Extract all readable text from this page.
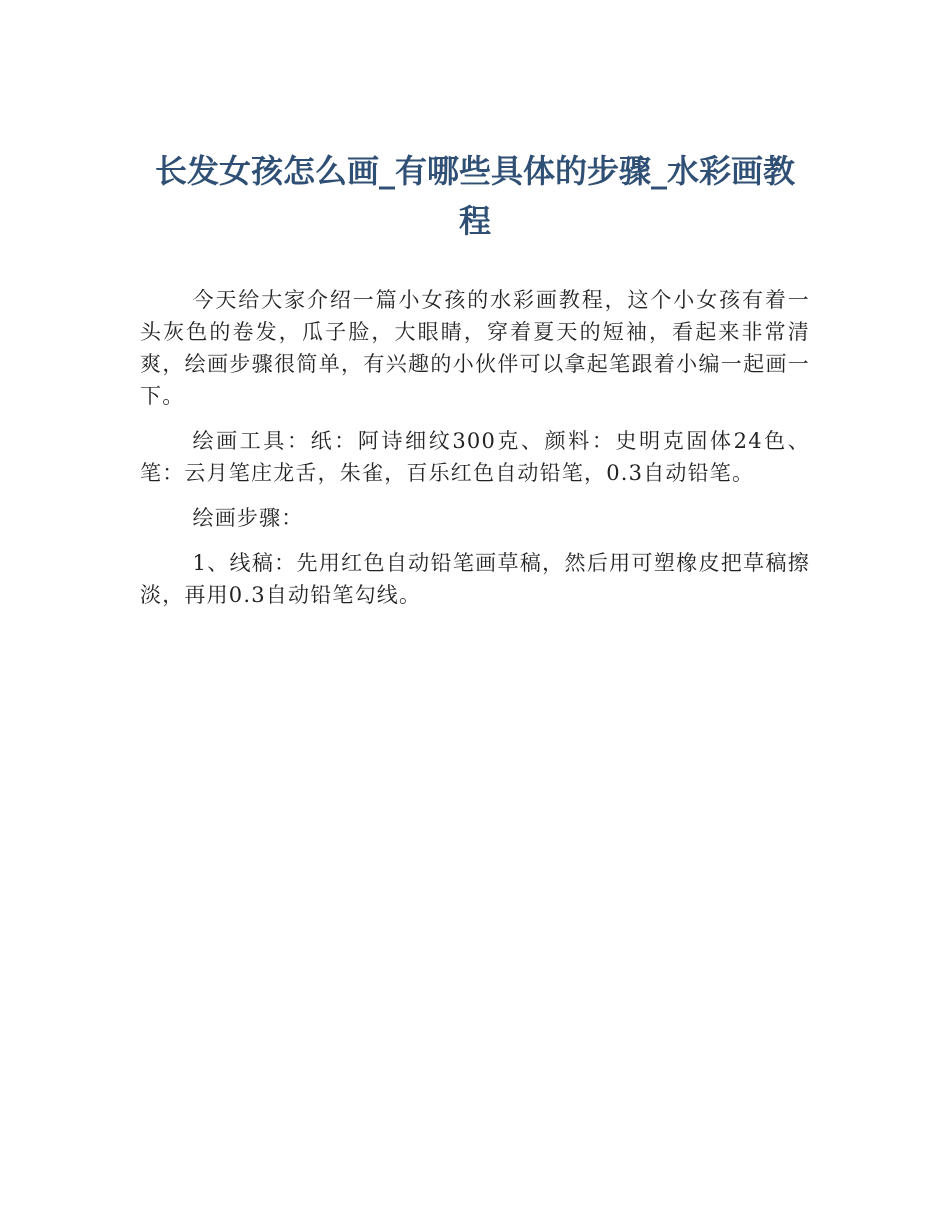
长发女孩怎么画_有哪些具体的步骤_水彩画教程

今天给大家介绍一篇小女孩的水彩画教程，这个小女孩有着一头灰色的卷发，瓜子脸，大眼睛，穿着夏天的短袖，看起来非常清爽，绘画步骤很简单，有兴趣的小伙伴可以拿起笔跟着小编一起画一下。

绘画工具：纸：阿诗细纹300克、颜料：史明克固体24色、笔：云月笔庄龙舌，朱雀，百乐红色自动铅笔，0.3自动铅笔。

绘画步骤：

1、线稿：先用红色自动铅笔画草稿，然后用可塑橡皮把草稿擦淡，再用0.3自动铅笔勾线。
